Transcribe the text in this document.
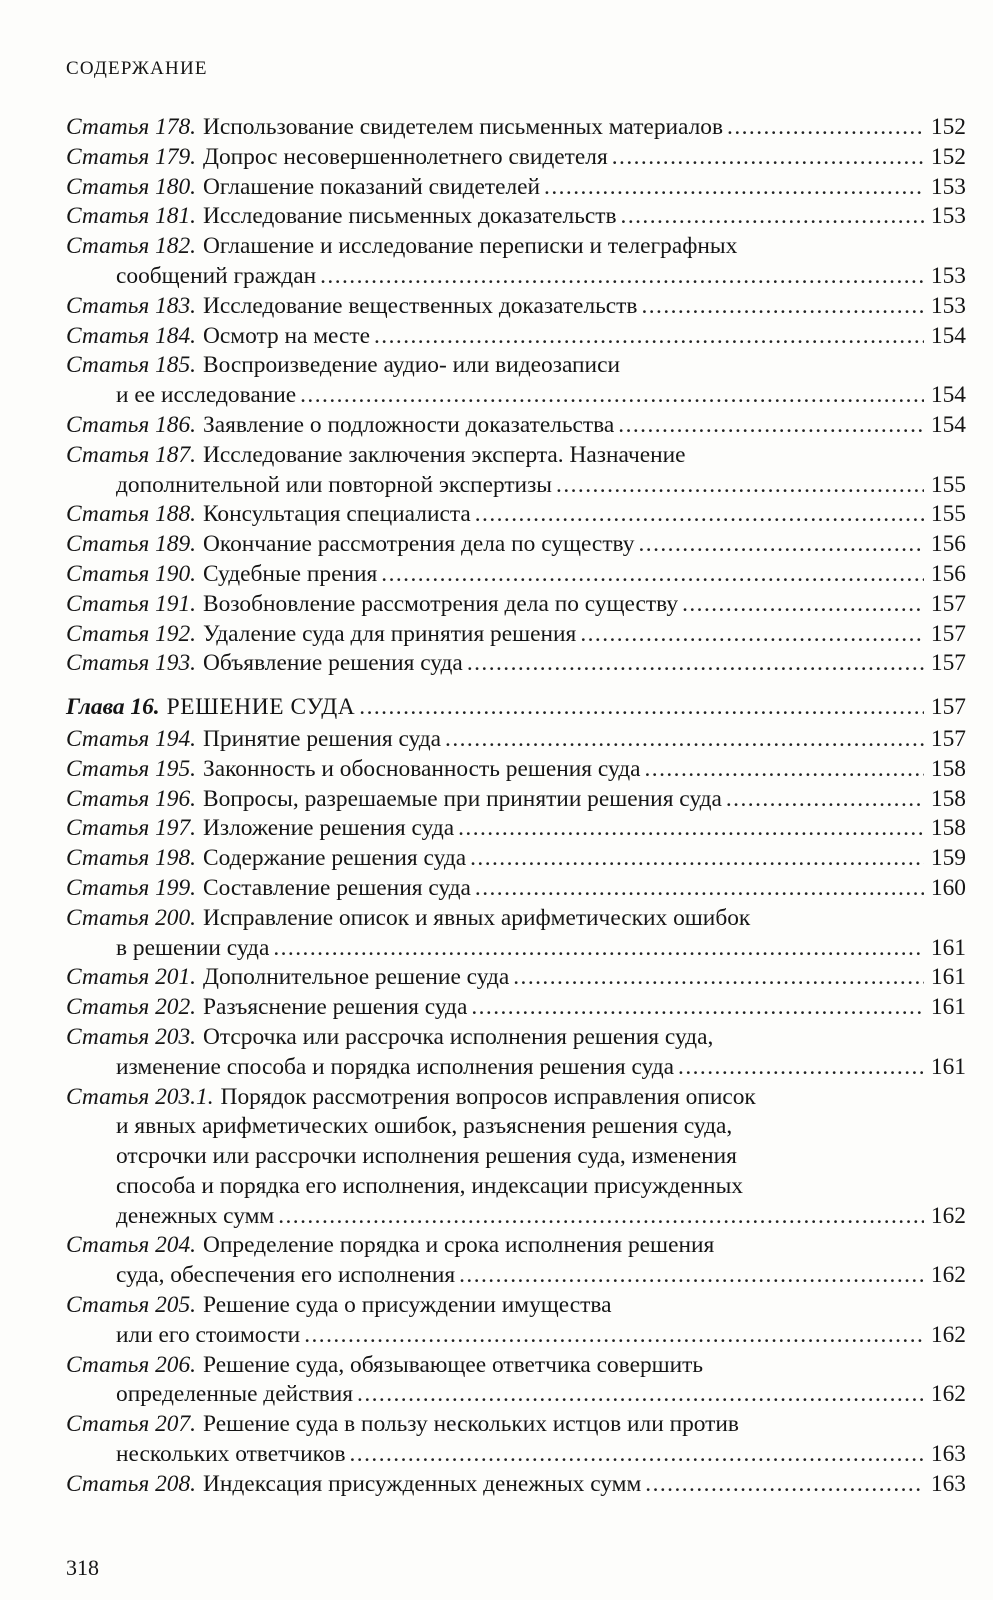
СОДЕРЖАНИЕ
Статья 178. Использование свидетелем письменных материалов . . .	152
Статья 179. Допрос несовершеннолетнего свидетеля . . .	152
Статья 180. Оглашение показаний свидетелей . . .	153
Статья 181. Исследование письменных доказательств . . .	153
Статья 182. Оглашение и исследование переписки и телеграфных
сообщений граждан . . .	153
Статья 183. Исследование вещественных доказательств . . .	153
Статья 184. Осмотр на месте . . .	154
Статья 185. Воспроизведение аудио- или видеозаписи
и ее исследование . . .	154
Статья 186. Заявление о подложности доказательства . . .	154
Статья 187. Исследование заключения эксперта. Назначение
дополнительной или повторной экспертизы . . .	155
Статья 188. Консультация специалиста . . .	155
Статья 189. Окончание рассмотрения дела по существу . . .	156
Статья 190. Судебные прения . . .	156
Статья 191. Возобновление рассмотрения дела по существу . . .	157
Статья 192. Удаление суда для принятия решения . . .	157
Статья 193. Объявление решения суда . . .	157
Глава 16. РЕШЕНИЕ СУДА . . .	157
Статья 194. Принятие решения суда . . .	157
Статья 195. Законность и обоснованность решения суда . . .	158
Статья 196. Вопросы, разрешаемые при принятии решения суда . . .	158
Статья 197. Изложение решения суда . . .	158
Статья 198. Содержание решения суда . . .	159
Статья 199. Составление решения суда . . .	160
Статья 200. Исправление описок и явных арифметических ошибок
в решении суда . . .	161
Статья 201. Дополнительное решение суда . . .	161
Статья 202. Разъяснение решения суда . . .	161
Статья 203. Отсрочка или рассрочка исполнения решения суда,
изменение способа и порядка исполнения решения суда . . .	161
Статья 203.1. Порядок рассмотрения вопросов исправления описок
и явных арифметических ошибок, разъяснения решения суда,
отсрочки или рассрочки исполнения решения суда, изменения
способа и порядка его исполнения, индексации присужденных
денежных сумм . . .	162
Статья 204. Определение порядка и срока исполнения решения
суда, обеспечения его исполнения . . .	162
Статья 205. Решение суда о присуждении имущества
или его стоимости . . .	162
Статья 206. Решение суда, обязывающее ответчика совершить
определенные действия . . .	162
Статья 207. Решение суда в пользу нескольких истцов или против
нескольких ответчиков . . .	163
Статья 208. Индексация присужденных денежных сумм . . .	163
318
